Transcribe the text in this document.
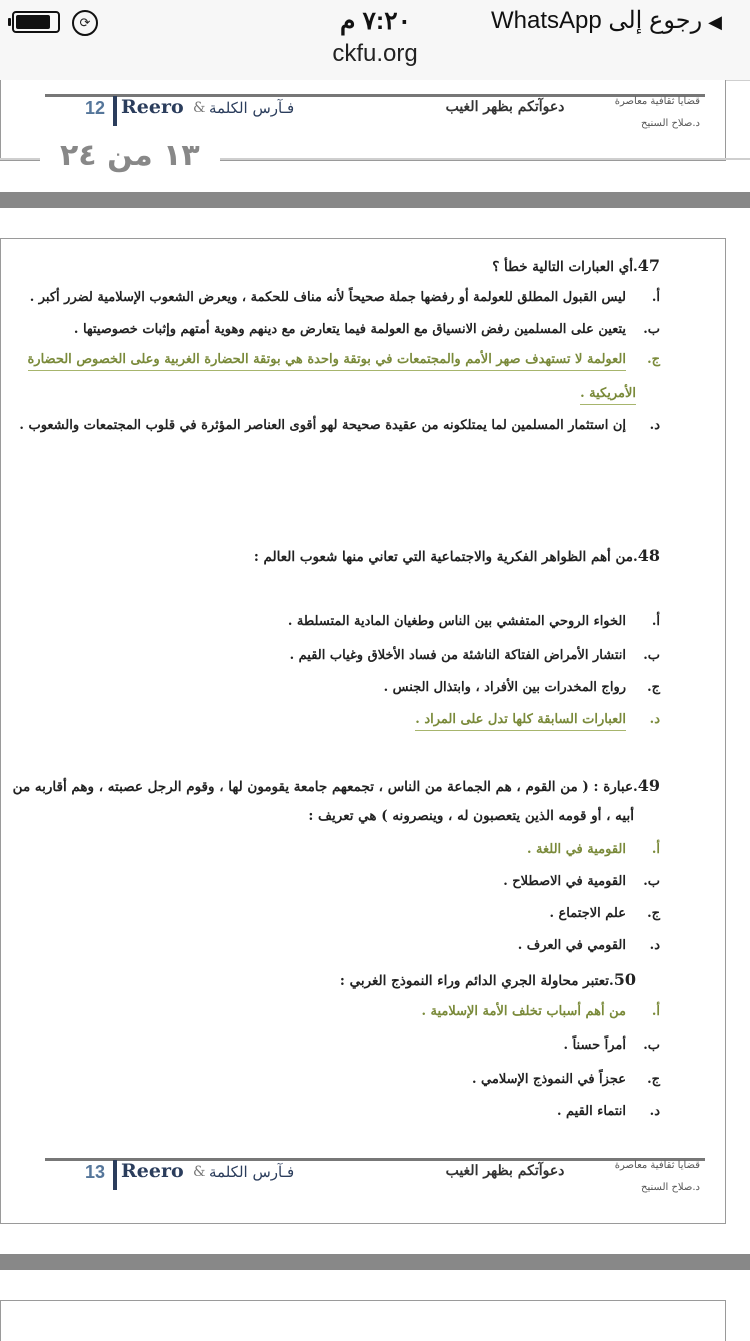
⟳	٧:٢٠ م	◀رجوع إلى WhatsApp
ckfu.org
12 Reero & فـآرس الكلمة	دعوآتكم بظهر الغيب	قضايا ثقافية معاصرة
د.صلاح السنيح
١٣ من ٢٤
47.أي العبارات التالية خطأ ؟
أ.ليس القبول المطلق للعولمة أو رفضها جملة صحيحاً لأنه مناف للحكمة ، ويعرض الشعوب الإسلامية لضرر أكبر .
ب.يتعين على المسلمين رفض الانسياق مع العولمة فيما يتعارض مع دينهم وهوية أمتهم وإثبات خصوصيتها .
ج.العولمة لا تستهدف صهر الأمم والمجتمعات في بوتقة واحدة هي بوتقة الحضارة الغربية وعلى الخصوص الحضارة
الأمريكية .
د.إن استثمار المسلمين لما يمتلكونه من عقيدة صحيحة لهو أقوى العناصر المؤثرة في قلوب المجتمعات والشعوب .
48.من أهم الظواهر الفكرية والاجتماعية التي تعاني منها شعوب العالم :
أ.الخواء الروحي المتفشي بين الناس وطغيان المادية المتسلطة .
ب.انتشار الأمراض الفتاكة الناشئة من فساد الأخلاق وغياب القيم .
ج.رواج المخدرات بين الأفراد ، وابتذال الجنس .
د.العبارات السابقة كلها تدل على المراد .
49.عبارة : ( من القوم ، هم الجماعة من الناس ، تجمعهم جامعة يقومون لها ، وقوم الرجل عصبته ، وهم أقاربه من
أبيه ، أو قومه الذين يتعصبون له ، وينصرونه ) هي تعريف :
أ.القومية في اللغة .
ب.القومية في الاصطلاح .
ج.علم الاجتماع .
د.القومي في العرف .
50.تعتبر محاولة الجري الدائم وراء النموذج الغربي :
أ.من أهم أسباب تخلف الأمة الإسلامية .
ب.أمراً حسناً .
ج.عجزاً في النموذج الإسلامي .
د.انتماء القيم .
13 Reero & فـآرس الكلمة	دعوآتكم بظهر الغيب	قضايا ثقافية معاصرة
د.صلاح السنيح
